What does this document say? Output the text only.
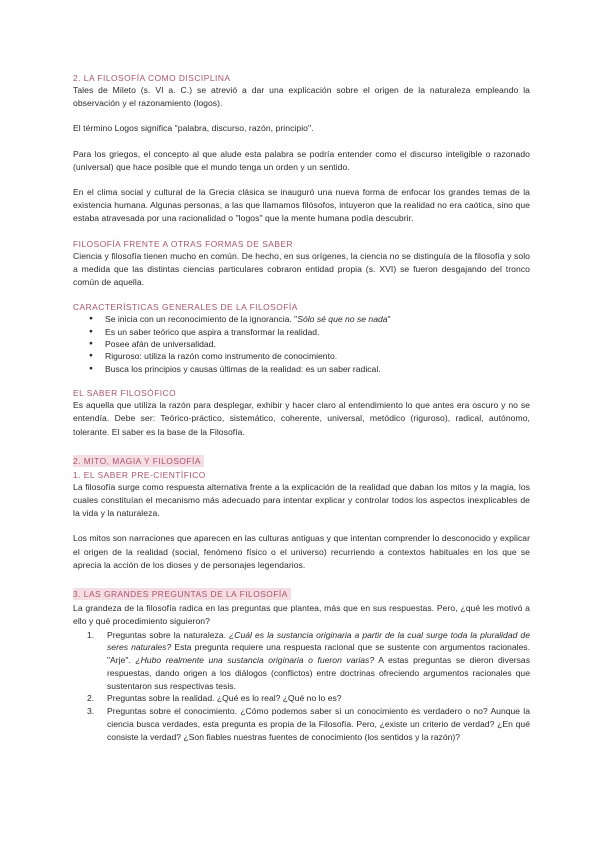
2. LA FILOSOFÍA COMO DISCIPLINA

Tales de Mileto (s. VI a. C.) se atrevió a dar una explicación sobre el origen de la naturaleza empleando la observación y el razonamiento (logos).

El término Logos significa "palabra, discurso, razón, principio".

Para los griegos, el concepto al que alude esta palabra se podría entender como el discurso inteligible o razonado (universal) que hace posible que el mundo tenga un orden y un sentido.

En el clima social y cultural de la Grecia clásica se inauguró una nueva forma de enfocar los grandes temas de la existencia humana. Algunas personas, a las que llamamos filósofos, intuyeron que la realidad no era caótica, sino que estaba atravesada por una racionalidad o "logos" que la mente humana podía descubrir.

FILOSOFÍA FRENTE A OTRAS FORMAS DE SABER

Ciencia y filosofía tienen mucho en común. De hecho, en sus orígenes, la ciencia no se distinguía de la filosofía y solo a medida que las distintas ciencias particulares cobraron entidad propia (s. XVI) se fueron desgajando del tronco común de aquella.

CARACTERÍSTICAS GENERALES DE LA FILOSOFÍA

● Se inicia con un reconocimiento de la ignorancia. "Sólo sé que no se nada"
● Es un saber teórico que aspira a transformar la realidad.
● Posee afán de universalidad.
● Riguroso: utiliza la razón como instrumento de conocimiento.
● Busca los principios y causas últimas de la realidad: es un saber radical.

EL SABER FILOSÓFICO

Es aquella que utiliza la razón para desplegar, exhibir y hacer claro al entendimiento lo que antes era oscuro y no se entendía. Debe ser: Teórico-práctico, sistemático, coherente, universal, metódico (riguroso), radical, autónomo, tolerante. El saber es la base de la Filosofía.

2. MITO, MAGIA Y FILOSOFÍA

1. EL SABER PRE-CIENTÍFICO

La filosofía surge como respuesta alternativa frente a la explicación de la realidad que daban los mitos y la magia, los cuales constituían el mecanismo más adecuado para intentar explicar y controlar todos los aspectos inexplicables de la vida y la naturaleza.

Los mitos son narraciones que aparecen en las culturas antiguas y que intentan comprender lo desconocido y explicar el origen de la realidad (social, fenómeno físico o el universo) recurriendo a contextos habituales en los que se aprecia la acción de los dioses y de personajes legendarios.

3. LAS GRANDES PREGUNTAS DE LA FILOSOFÍA

La grandeza de la filosofía radica en las preguntas que plantea, más que en sus respuestas. Pero, ¿qué les motivó a ello y qué procedimiento siguieron?

1.	Preguntas sobre la naturaleza. ¿Cuál es la sustancia originaria a partir de la cual surge toda la pluralidad de seres naturales? Esta pregunta requiere una respuesta racional que se sustente con argumentos racionales. "Arje". ¿Hubo realmente una sustancia originaria o fueron varias? A estas preguntas se dieron diversas respuestas, dando origen a los diálogos (conflictos) entre doctrinas ofreciendo argumentos racionales que sustentaron sus respectivas tesis.
2.	Preguntas sobre la realidad. ¿Qué es lo real? ¿Qué no lo es?
3.	Preguntas sobre el conocimiento. ¿Cómo podemos saber si un conocimiento es verdadero o no? Aunque la ciencia busca verdades, esta pregunta es propia de la Filosofía. Pero, ¿existe un criterio de verdad? ¿En qué consiste la verdad? ¿Son fiables nuestras fuentes de conocimiento (los sentidos y la razón)?
